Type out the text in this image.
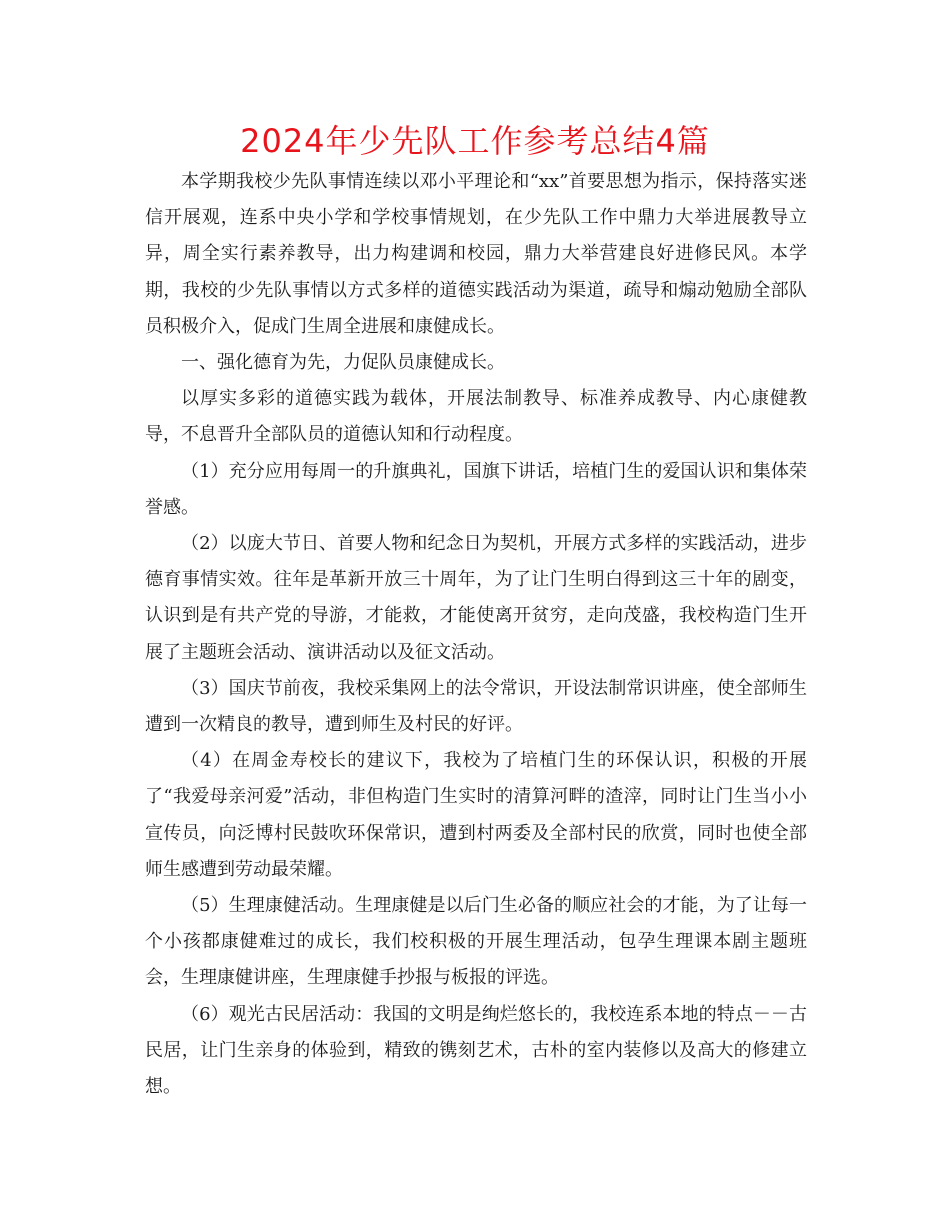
2024年少先队工作参考总结4篇

本学期我校少先队事情连续以邓小平理论和“xx”首要思想为指示，保持落实迷信开展观，连系中央小学和学校事情规划，在少先队工作中鼎力大举进展教导立异，周全实行素养教导，出力构建调和校园，鼎力大举营建良好进修民风。本学期，我校的少先队事情以方式多样的道德实践活动为渠道，疏导和煽动勉励全部队员积极介入，促成门生周全进展和康健成长。

一、强化德育为先，力促队员康健成长。

以厚实多彩的道德实践为载体，开展法制教导、标准养成教导、内心康健教导，不息晋升全部队员的道德认知和行动程度。

（1）充分应用每周一的升旗典礼，国旗下讲话，培植门生的爱国认识和集体荣誉感。

（2）以庞大节日、首要人物和纪念日为契机，开展方式多样的实践活动，进步德育事情实效。往年是革新开放三十周年，为了让门生明白得到这三十年的剧变，认识到是有共产党的导游，才能救，才能使离开贫穷，走向茂盛，我校构造门生开展了主题班会活动、演讲活动以及征文活动。

（3）国庆节前夜，我校采集网上的法令常识，开设法制常识讲座，使全部师生遭到一次精良的教导，遭到师生及村民的好评。

（4）在周金寿校长的建议下，我校为了培植门生的环保认识，积极的开展了“我爱母亲河爱”活动，非但构造门生实时的清算河畔的渣滓，同时让门生当小小宣传员，向泛博村民鼓吹环保常识，遭到村两委及全部村民的欣赏，同时也使全部师生感遭到劳动最荣耀。

（5）生理康健活动。生理康健是以后门生必备的顺应社会的才能，为了让每一个小孩都康健难过的成长，我们校积极的开展生理活动，包孕生理课本剧主题班会，生理康健讲座，生理康健手抄报与板报的评选。

（6）观光古民居活动：我国的文明是绚烂悠长的，我校连系本地的特点－－古民居，让门生亲身的体验到，精致的镌刻艺术，古朴的室内装修以及高大的修建立想。
